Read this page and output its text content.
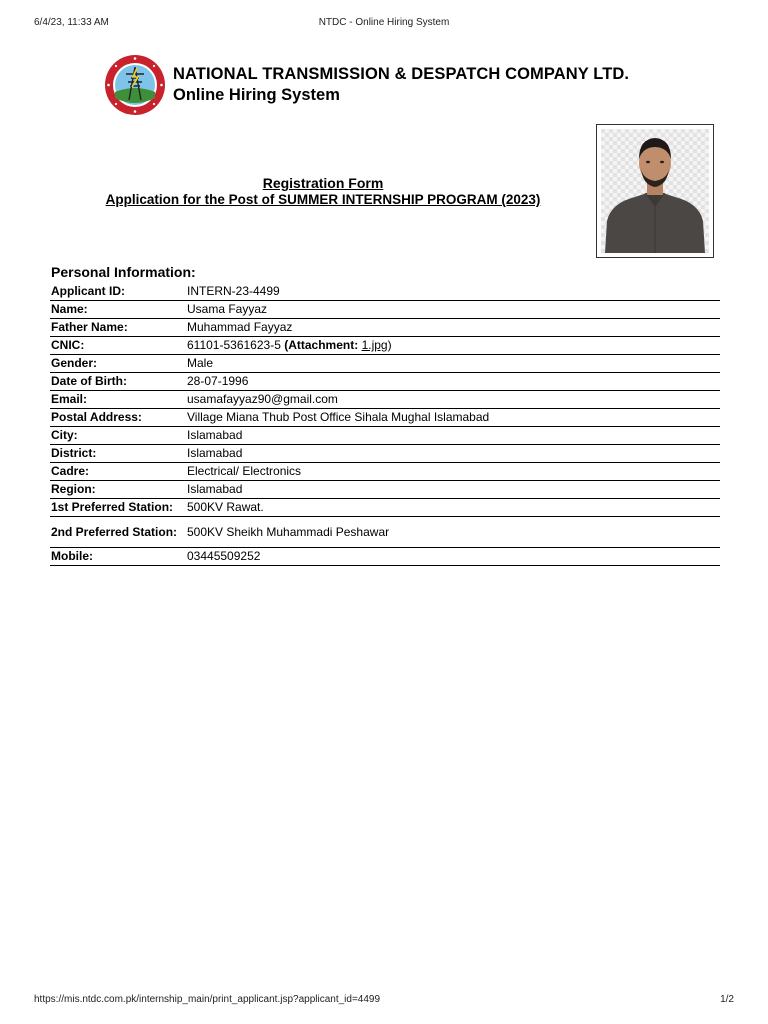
6/4/23, 11:33 AM	NTDC - Online Hiring System
NATIONAL TRANSMISSION & DESPATCH COMPANY LTD.
Online Hiring System
Registration Form
Application for the Post of SUMMER INTERNSHIP PROGRAM (2023)
Personal Information:
Applicant ID:	INTERN-23-4499
Name:	Usama Fayyaz
Father Name:	Muhammad Fayyaz
CNIC:	61101-5361623-5 (Attachment: 1.jpg)
Gender:	Male
Date of Birth:	28-07-1996
Email:	usamafayyaz90@gmail.com
Postal Address:	Village Miana Thub Post Office Sihala Mughal Islamabad
City:	Islamabad
District:	Islamabad
Cadre:	Electrical/ Electronics
Region:	Islamabad
1st Preferred Station:	500KV Rawat.
2nd Preferred Station:	500KV Sheikh Muhammadi Peshawar
Mobile:	03445509252
https://mis.ntdc.com.pk/internship_main/print_applicant.jsp?applicant_id=4499	1/2
